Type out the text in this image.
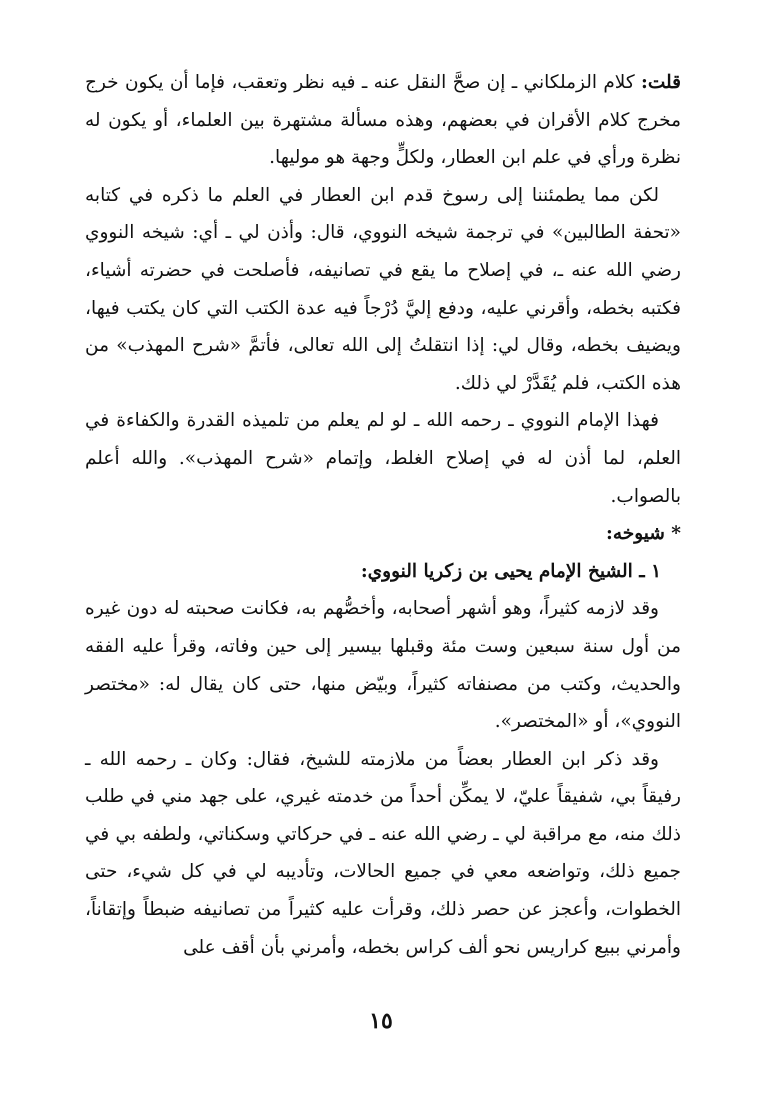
قلت: كلام الزملكاني ـ إن صحَّ النقل عنه ـ فيه نظر وتعقب، فإما أن يكون خرج مخرج كلام الأقران في بعضهم، وهذه مسألة مشتهرة بين العلماء، أو يكون له نظرة ورأي في علم ابن العطار، ولكلٍّ وجهة هو موليها.

لكن مما يطمئننا إلى رسوخ قدم ابن العطار في العلم ما ذكره في كتابه «تحفة الطالبين» في ترجمة شيخه النووي، قال: وأذن لي ـ أي: شيخه النووي رضي الله عنه ـ، في إصلاح ما يقع في تصانيفه، فأصلحت في حضرته أشياء، فكتبه بخطه، وأقرني عليه، ودفع إليَّ دُرْجاً فيه عدة الكتب التي كان يكتب فيها، ويضيف بخطه، وقال لي: إذا انتقلتُ إلى الله تعالى، فأتمَّ «شرح المهذب» من هذه الكتب، فلم يُقَدَّرْ لي ذلك.

فهذا الإمام النووي ـ رحمه الله ـ لو لم يعلم من تلميذه القدرة والكفاءة في العلم، لما أذن له في إصلاح الغلط، وإتمام «شرح المهذب». والله أعلم بالصواب.

* شيوخه:

١ ـ الشيخ الإمام يحيى بن زكريا النووي:

وقد لازمه كثيراً، وهو أشهر أصحابه، وأخصُّهم به، فكانت صحبته له دون غيره من أول سنة سبعين وست مئة وقبلها بيسير إلى حين وفاته، وقرأ عليه الفقه والحديث، وكتب من مصنفاته كثيراً، وبيّض منها، حتى كان يقال له: «مختصر النووي»، أو «المختصر».

وقد ذكر ابن العطار بعضاً من ملازمته للشيخ، فقال: وكان ـ رحمه الله ـ رفيقاً بي، شفيقاً عليّ، لا يمكِّن أحداً من خدمته غيري، على جهد مني في طلب ذلك منه، مع مراقبة لي ـ رضي الله عنه ـ في حركاتي وسكناتي، ولطفه بي في جميع ذلك، وتواضعه معي في جميع الحالات، وتأديبه لي في كل شيء، حتى الخطوات، وأعجز عن حصر ذلك، وقرأت عليه كثيراً من تصانيفه ضبطاً وإتقاناً، وأمرني ببيع كراريس نحو ألف كراس بخطه، وأمرني بأن أقف على

١٥
